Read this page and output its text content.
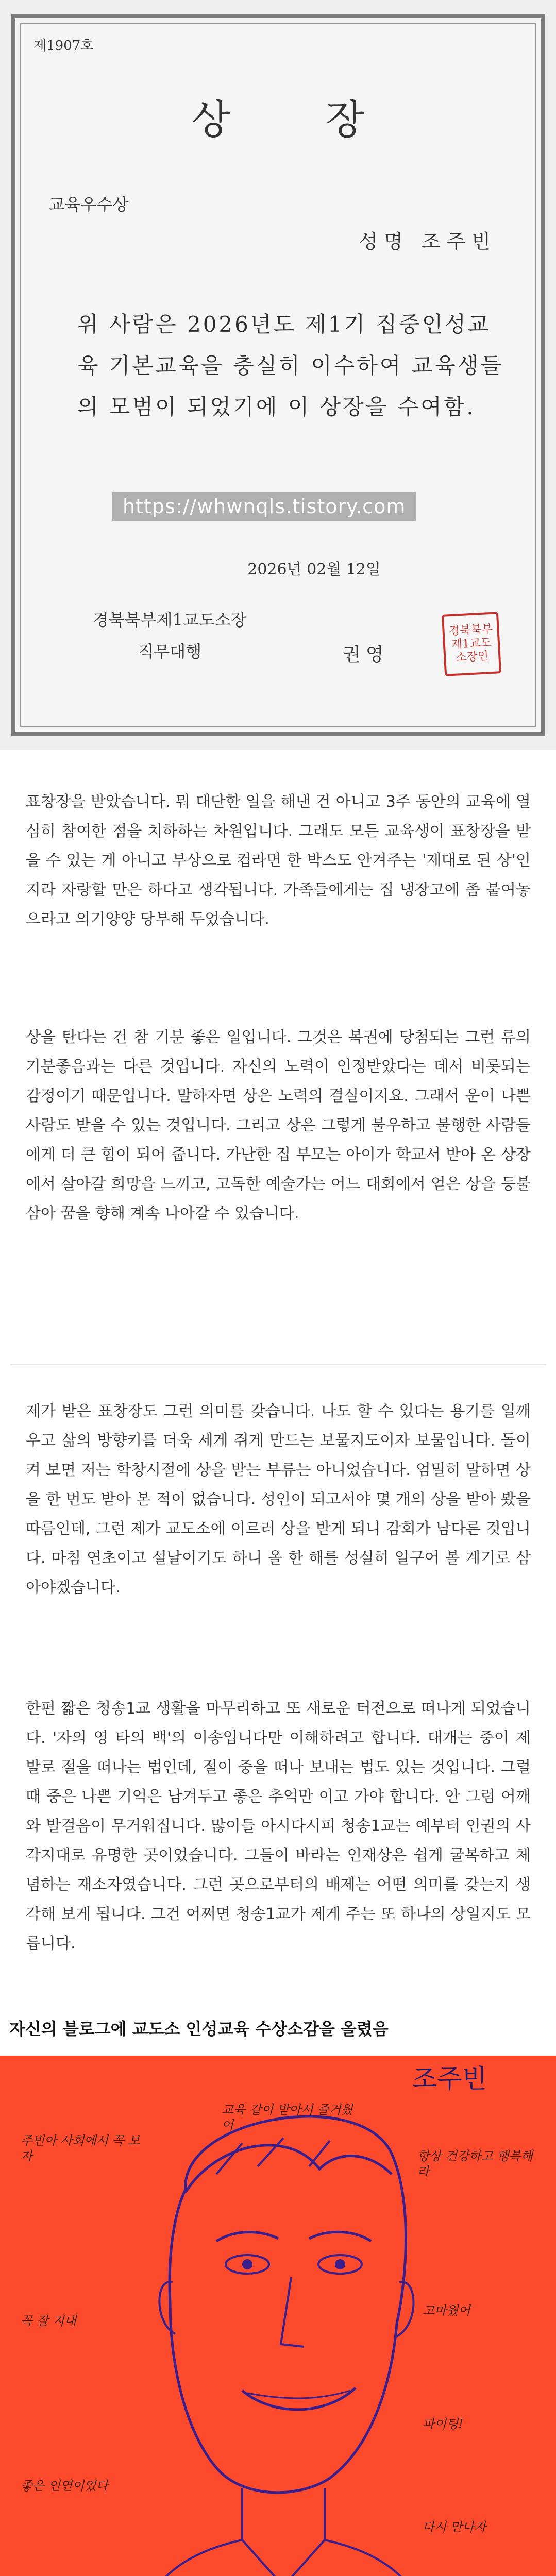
제1907호
상 장
교육우수상
성명 조주빈
위 사람은 2026년도 제1기 집중인성교육 기본교육을 충실히 이수하여 교육생들의 모범이 되었기에 이 상장을 수여함.
2026년 02월 12일
경북북부제1교도소장
직무대행	권영
경북북부제1교도소장인
https://whwnqls.tistory.com

표창장을 받았습니다. 뭐 대단한 일을 해낸 건 아니고 3주 동안의 교육에 열심히 참여한 점을 치하하는 차원입니다. 그래도 모든 교육생이 표창장을 받을 수 있는 게 아니고 부상으로 컵라면 한 박스도 안겨주는 '제대로 된 상'인지라 자랑할 만은 하다고 생각됩니다. 가족들에게는 집 냉장고에 좀 붙여놓으라고 의기양양 당부해 두었습니다.

상을 탄다는 건 참 기분 좋은 일입니다. 그것은 복권에 당첨되는 그런 류의 기분좋음과는 다른 것입니다. 자신의 노력이 인정받았다는 데서 비롯되는 감정이기 때문입니다. 말하자면 상은 노력의 결실이지요. 그래서 운이 나쁜 사람도 받을 수 있는 것입니다. 그리고 상은 그렇게 불우하고 불행한 사람들에게 더 큰 힘이 되어 줍니다. 가난한 집 부모는 아이가 학교서 받아 온 상장에서 살아갈 희망을 느끼고, 고독한 예술가는 어느 대회에서 얻은 상을 등불삼아 꿈을 향해 계속 나아갈 수 있습니다.

제가 받은 표창장도 그런 의미를 갖습니다. 나도 할 수 있다는 용기를 일깨우고 삶의 방향키를 더욱 세게 쥐게 만드는 보물지도이자 보물입니다. 돌이켜 보면 저는 학창시절에 상을 받는 부류는 아니었습니다. 엄밀히 말하면 상을 한 번도 받아 본 적이 없습니다. 성인이 되고서야 몇 개의 상을 받아 봤을 따름인데, 그런 제가 교도소에 이르러 상을 받게 되니 감회가 남다른 것입니다. 마침 연초이고 설날이기도 하니 올 한 해를 성실히 일구어 볼 계기로 삼아야겠습니다.

한편 짧은 청송1교 생활을 마무리하고 또 새로운 터전으로 떠나게 되었습니다. '자의 영 타의 백'의 이송입니다만 이해하려고 합니다. 대개는 중이 제 발로 절을 떠나는 법인데, 절이 중을 떠나 보내는 법도 있는 것입니다. 그럴 때 중은 나쁜 기억은 남겨두고 좋은 추억만 이고 가야 합니다. 안 그럼 어깨와 발걸음이 무거워집니다. 많이들 아시다시피 청송1교는 예부터 인권의 사각지대로 유명한 곳이었습니다. 그들이 바라는 인재상은 쉽게 굴복하고 체념하는 재소자였습니다. 그런 곳으로부터의 배제는 어떤 의미를 갖는지 생각해 보게 됩니다. 그건 어쩌면 청송1교가 제게 주는 또 하나의 상일지도 모릅니다.

자신의 블로그에 교도소 인성교육 수상소감을 올렸음
조주빈
주빈아 사회에서 꼭 보자
교육 같이 받아서 즐거웠어
항상 건강하고 행복해라
꼭 잘 지내
좋은 인연이었다
파이팅!
다시 만나자
고마웠어
